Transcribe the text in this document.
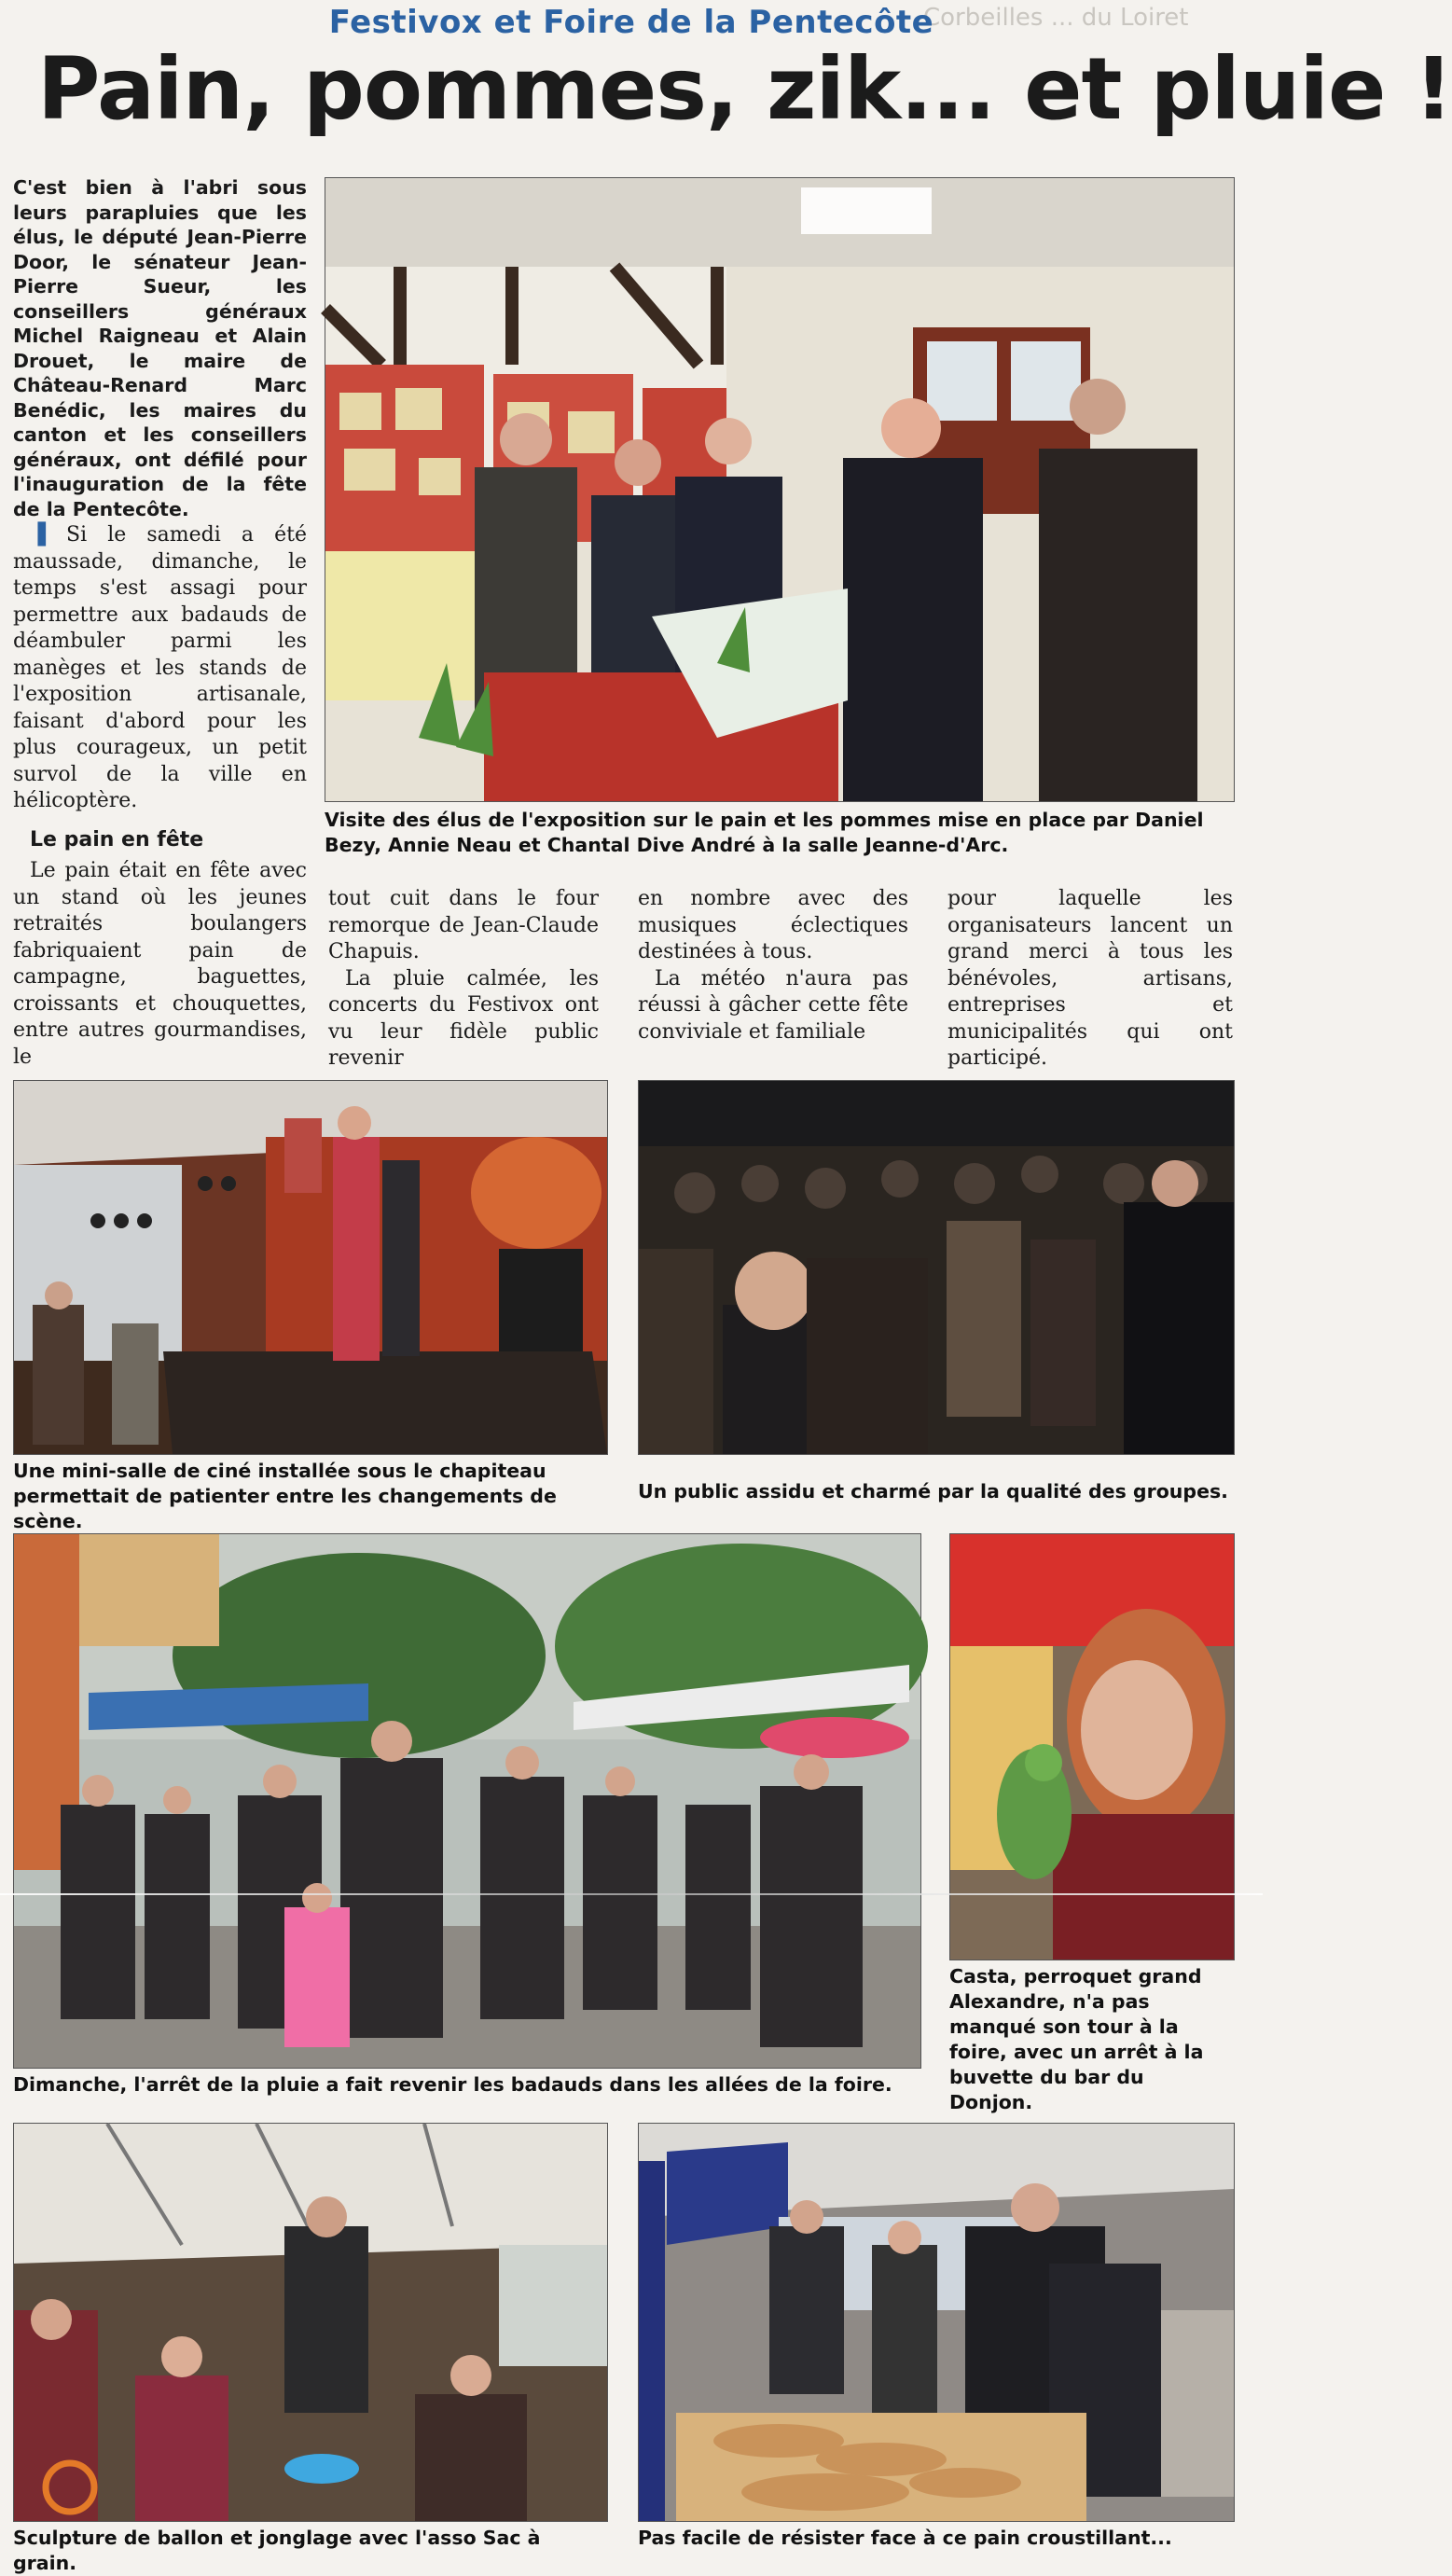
Corbeilles ... du Loiret
Festivox et Foire de la Pentecôte
Pain, pommes, zik... et pluie !
C'est bien à l'abri sous leurs parapluies que les élus, le député Jean-Pierre Door, le sénateur Jean-Pierre Sueur, les conseillers généraux Michel Raigneau et Alain Drouet, le maire de Château-Renard Marc Benédic, les maires du canton et les conseillers généraux, ont défilé pour l'inauguration de la fête de la Pentecôte.
▐ Si le samedi a été maussade, dimanche, le temps s'est assagi pour permettre aux badauds de déambuler parmi les manèges et les stands de l'exposition artisanale, faisant d'abord pour les plus courageux, un petit survol de la ville en hélicoptère.
Le pain en fête
Le pain était en fête avec un stand où les jeunes retraités boulangers fabriquaient pain de campagne, baguettes, croissants et chouquettes, entre autres gourmandises, le
Visite des élus de l'exposition sur le pain et les pommes mise en place par Daniel Bezy, Annie Neau et Chantal Dive André à la salle Jeanne-d'Arc.
tout cuit dans le four remorque de Jean-Claude Chapuis.
La pluie calmée, les concerts du Festivox ont vu leur fidèle public revenir
en nombre avec des musiques éclectiques destinées à tous.
La météo n'aura pas réussi à gâcher cette fête conviviale et familiale
pour laquelle les organisateurs lancent un grand merci à tous les bénévoles, artisans, entreprises et municipalités qui ont participé.
Une mini-salle de ciné installée sous le chapiteau permettait de patienter entre les changements de scène.
Un public assidu et charmé par la qualité des groupes.
Dimanche, l'arrêt de la pluie a fait revenir les badauds dans les allées de la foire.
Casta, perroquet grand Alexandre, n'a pas manqué son tour à la foire, avec un arrêt à la buvette du bar du Donjon.
Sculpture de ballon et jonglage avec l'asso Sac à grain.
Pas facile de résister face à ce pain croustillant...
